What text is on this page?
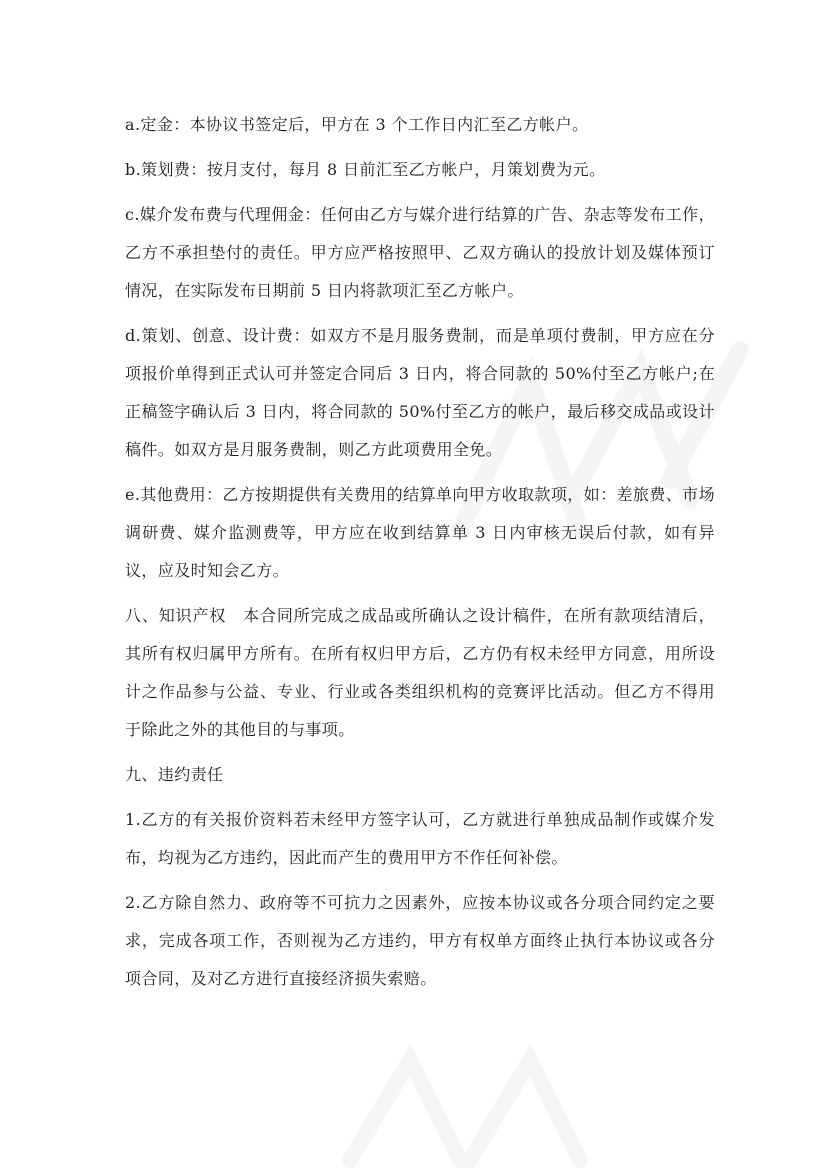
a.定金：本协议书签定后，甲方在 3 个工作日内汇至乙方帐户。

b.策划费：按月支付，每月 8 日前汇至乙方帐户，月策划费为元。

c.媒介发布费与代理佣金：任何由乙方与媒介进行结算的广告、杂志等发布工作，乙方不承担垫付的责任。甲方应严格按照甲、乙双方确认的投放计划及媒体预订情况，在实际发布日期前 5 日内将款项汇至乙方帐户。

d.策划、创意、设计费：如双方不是月服务费制，而是单项付费制，甲方应在分项报价单得到正式认可并签定合同后 3 日内，将合同款的 50%付至乙方帐户;在正稿签字确认后 3 日内，将合同款的 50%付至乙方的帐户，最后移交成品或设计稿件。如双方是月服务费制，则乙方此项费用全免。

e.其他费用：乙方按期提供有关费用的结算单向甲方收取款项，如：差旅费、市场调研费、媒介监测费等，甲方应在收到结算单 3 日内审核无误后付款，如有异议，应及时知会乙方。

八、知识产权　本合同所完成之成品或所确认之设计稿件，在所有款项结清后，其所有权归属甲方所有。在所有权归甲方后，乙方仍有权未经甲方同意，用所设计之作品参与公益、专业、行业或各类组织机构的竞赛评比活动。但乙方不得用于除此之外的其他目的与事项。

九、违约责任

1.乙方的有关报价资料若未经甲方签字认可，乙方就进行单独成品制作或媒介发布，均视为乙方违约，因此而产生的费用甲方不作任何补偿。

2.乙方除自然力、政府等不可抗力之因素外，应按本协议或各分项合同约定之要求，完成各项工作，否则视为乙方违约，甲方有权单方面终止执行本协议或各分项合同，及对乙方进行直接经济损失索赔。
